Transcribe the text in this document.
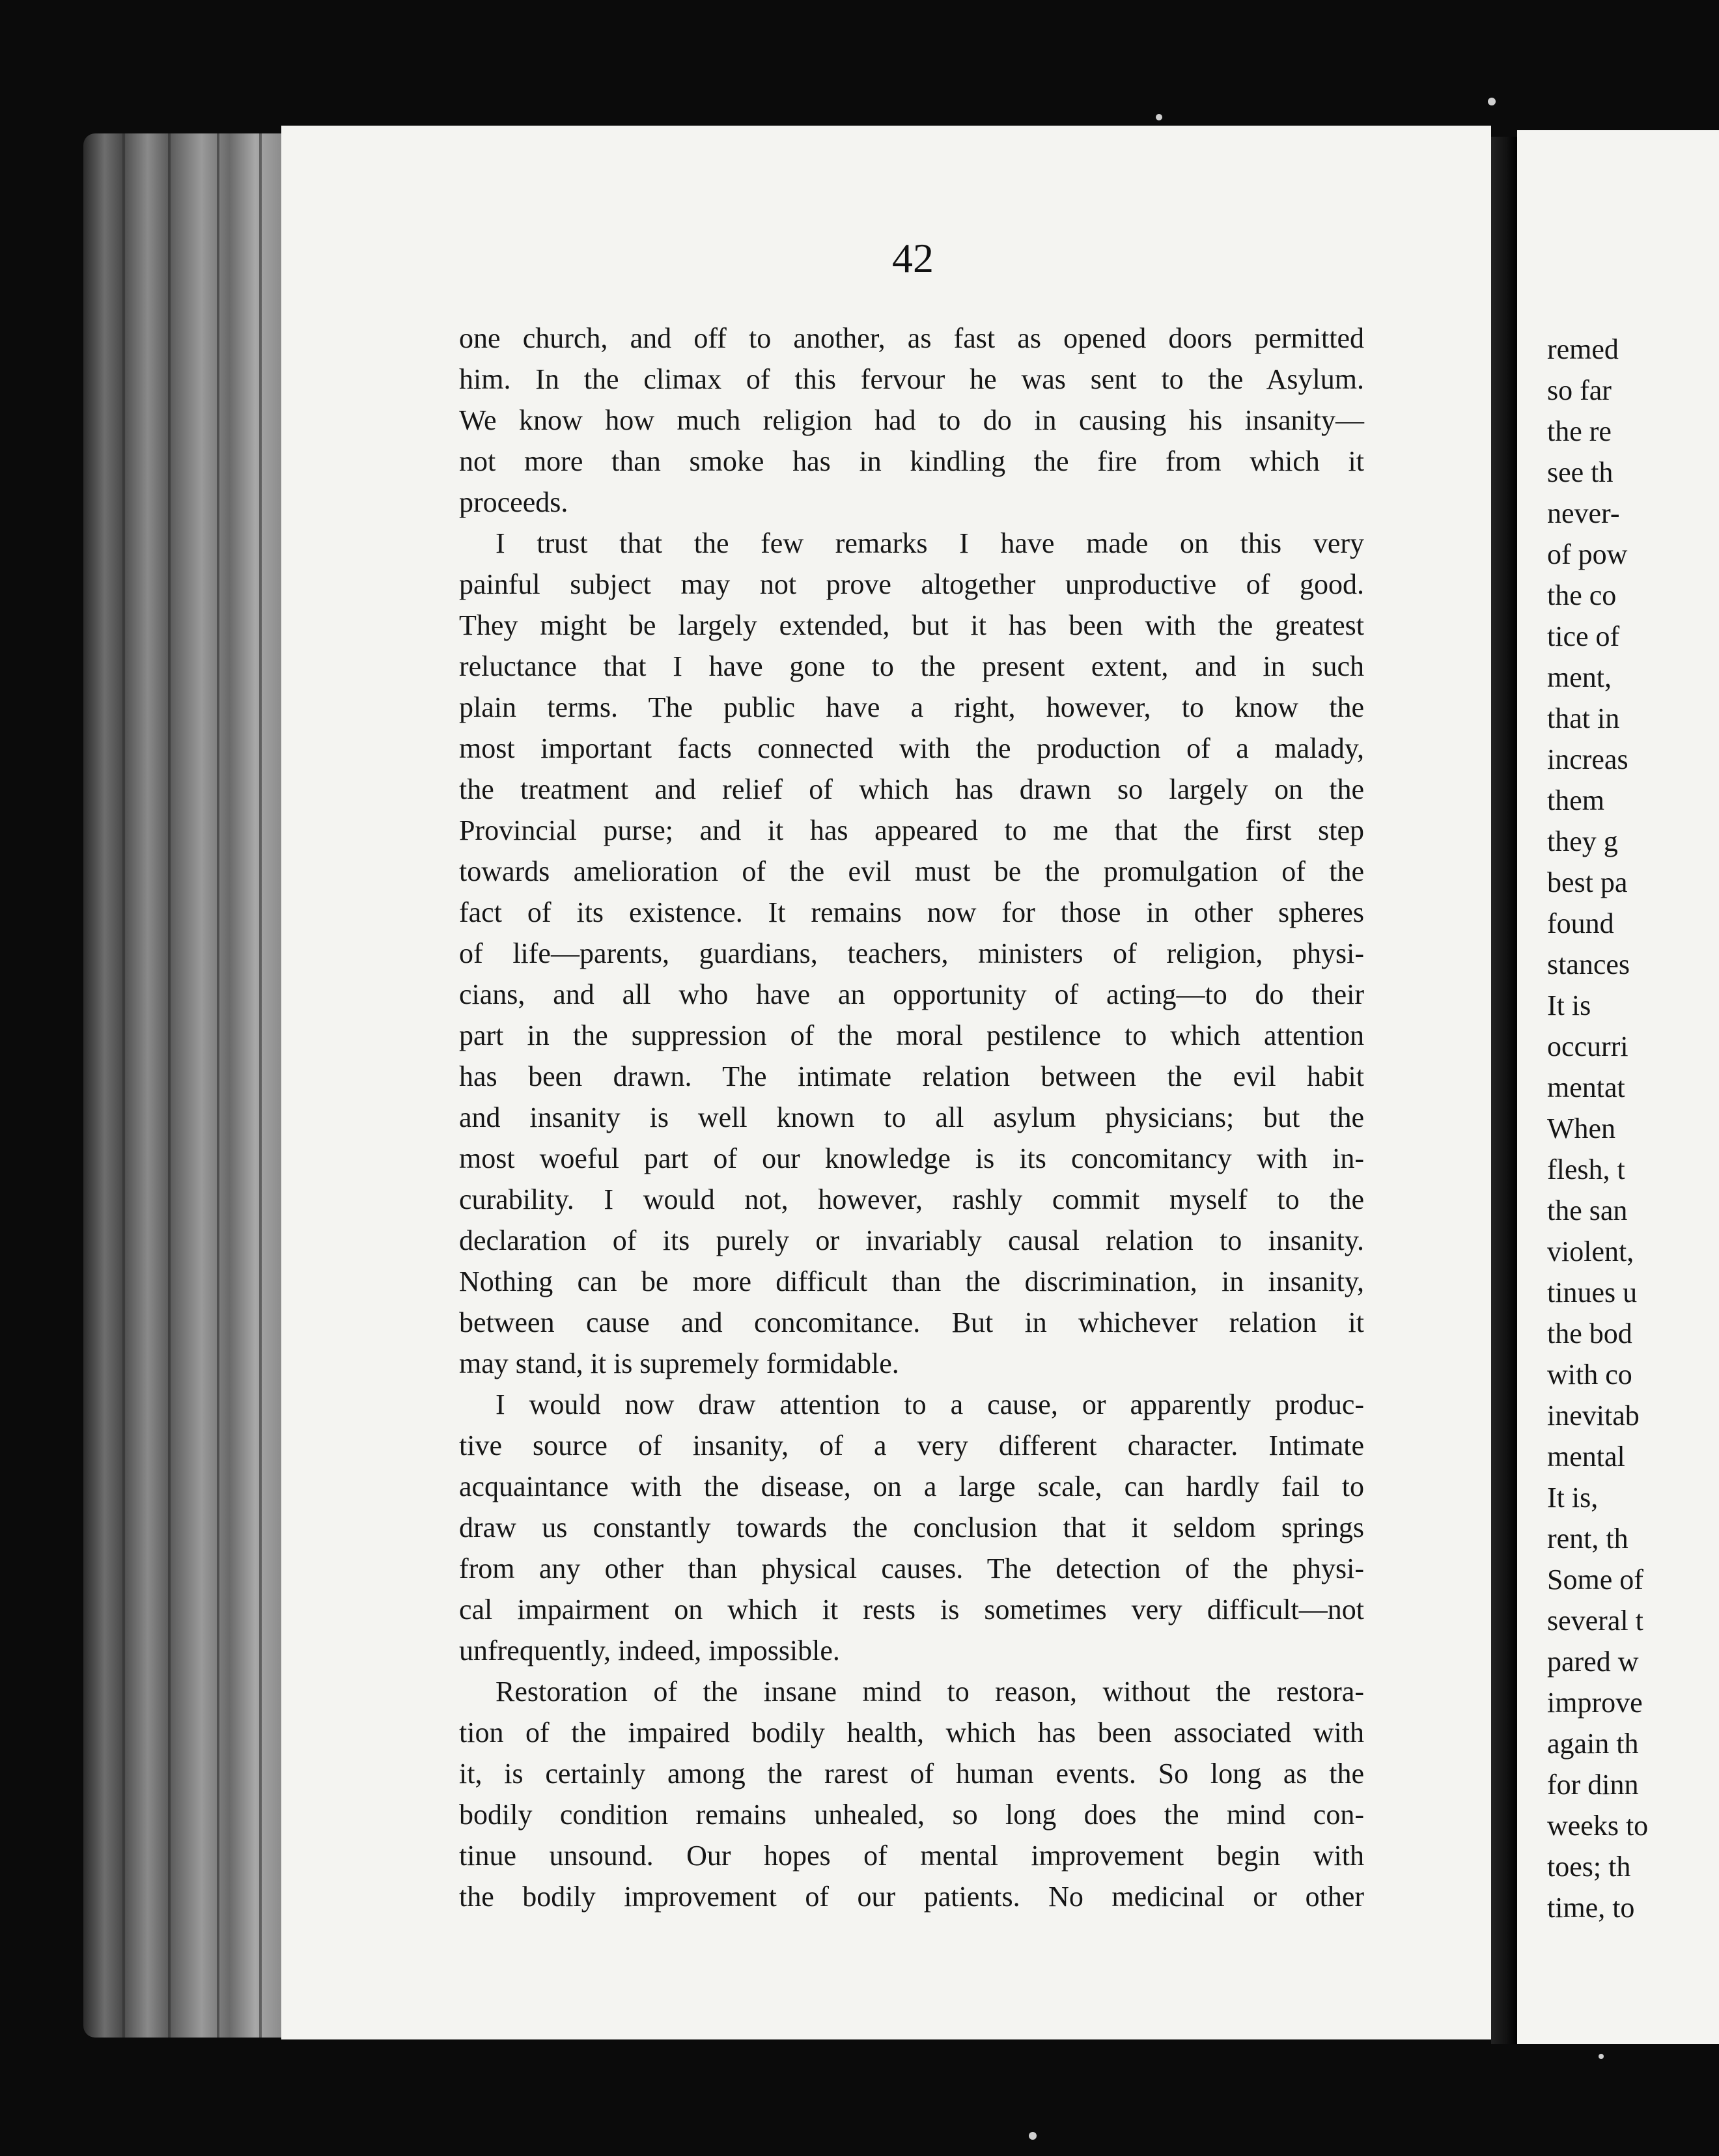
42
one church, and off to another, as fast as opened doors permitted
him. In the climax of this fervour he was sent to the Asylum.
We know how much religion had to do in causing his insanity—
not more than smoke has in kindling the fire from which it
proceeds.
I trust that the few remarks I have made on this very
painful subject may not prove altogether unproductive of good.
They might be largely extended, but it has been with the greatest
reluctance that I have gone to the present extent, and in such
plain terms. The public have a right, however, to know the
most important facts connected with the production of a malady,
the treatment and relief of which has drawn so largely on the
Provincial purse; and it has appeared to me that the first step
towards amelioration of the evil must be the promulgation of the
fact of its existence. It remains now for those in other spheres
of life—parents, guardians, teachers, ministers of religion, physi-
cians, and all who have an opportunity of acting—to do their
part in the suppression of the moral pestilence to which attention
has been drawn. The intimate relation between the evil habit
and insanity is well known to all asylum physicians; but the
most woeful part of our knowledge is its concomitancy with in-
curability. I would not, however, rashly commit myself to the
declaration of its purely or invariably causal relation to insanity.
Nothing can be more difficult than the discrimination, in insanity,
between cause and concomitance. But in whichever relation it
may stand, it is supremely formidable.
I would now draw attention to a cause, or apparently produc-
tive source of insanity, of a very different character. Intimate
acquaintance with the disease, on a large scale, can hardly fail to
draw us constantly towards the conclusion that it seldom springs
from any other than physical causes. The detection of the physi-
cal impairment on which it rests is sometimes very difficult—not
unfrequently, indeed, impossible.
Restoration of the insane mind to reason, without the restora-
tion of the impaired bodily health, which has been associated with
it, is certainly among the rarest of human events. So long as the
bodily condition remains unhealed, so long does the mind con-
tinue unsound. Our hopes of mental improvement begin with
the bodily improvement of our patients. No medicinal or other
remed
so far
the re
see th
never-
of pow
the co
tice of
ment,
that in
increas
them
they g
best pa
found
stances
It is
occurri
mentat
When
flesh, t
the san
violent,
tinues u
the bod
with co
inevitab
mental
It is,
rent, th
Some of
several t
pared w
improve
again th
for dinn
weeks to
toes; th
time, to
